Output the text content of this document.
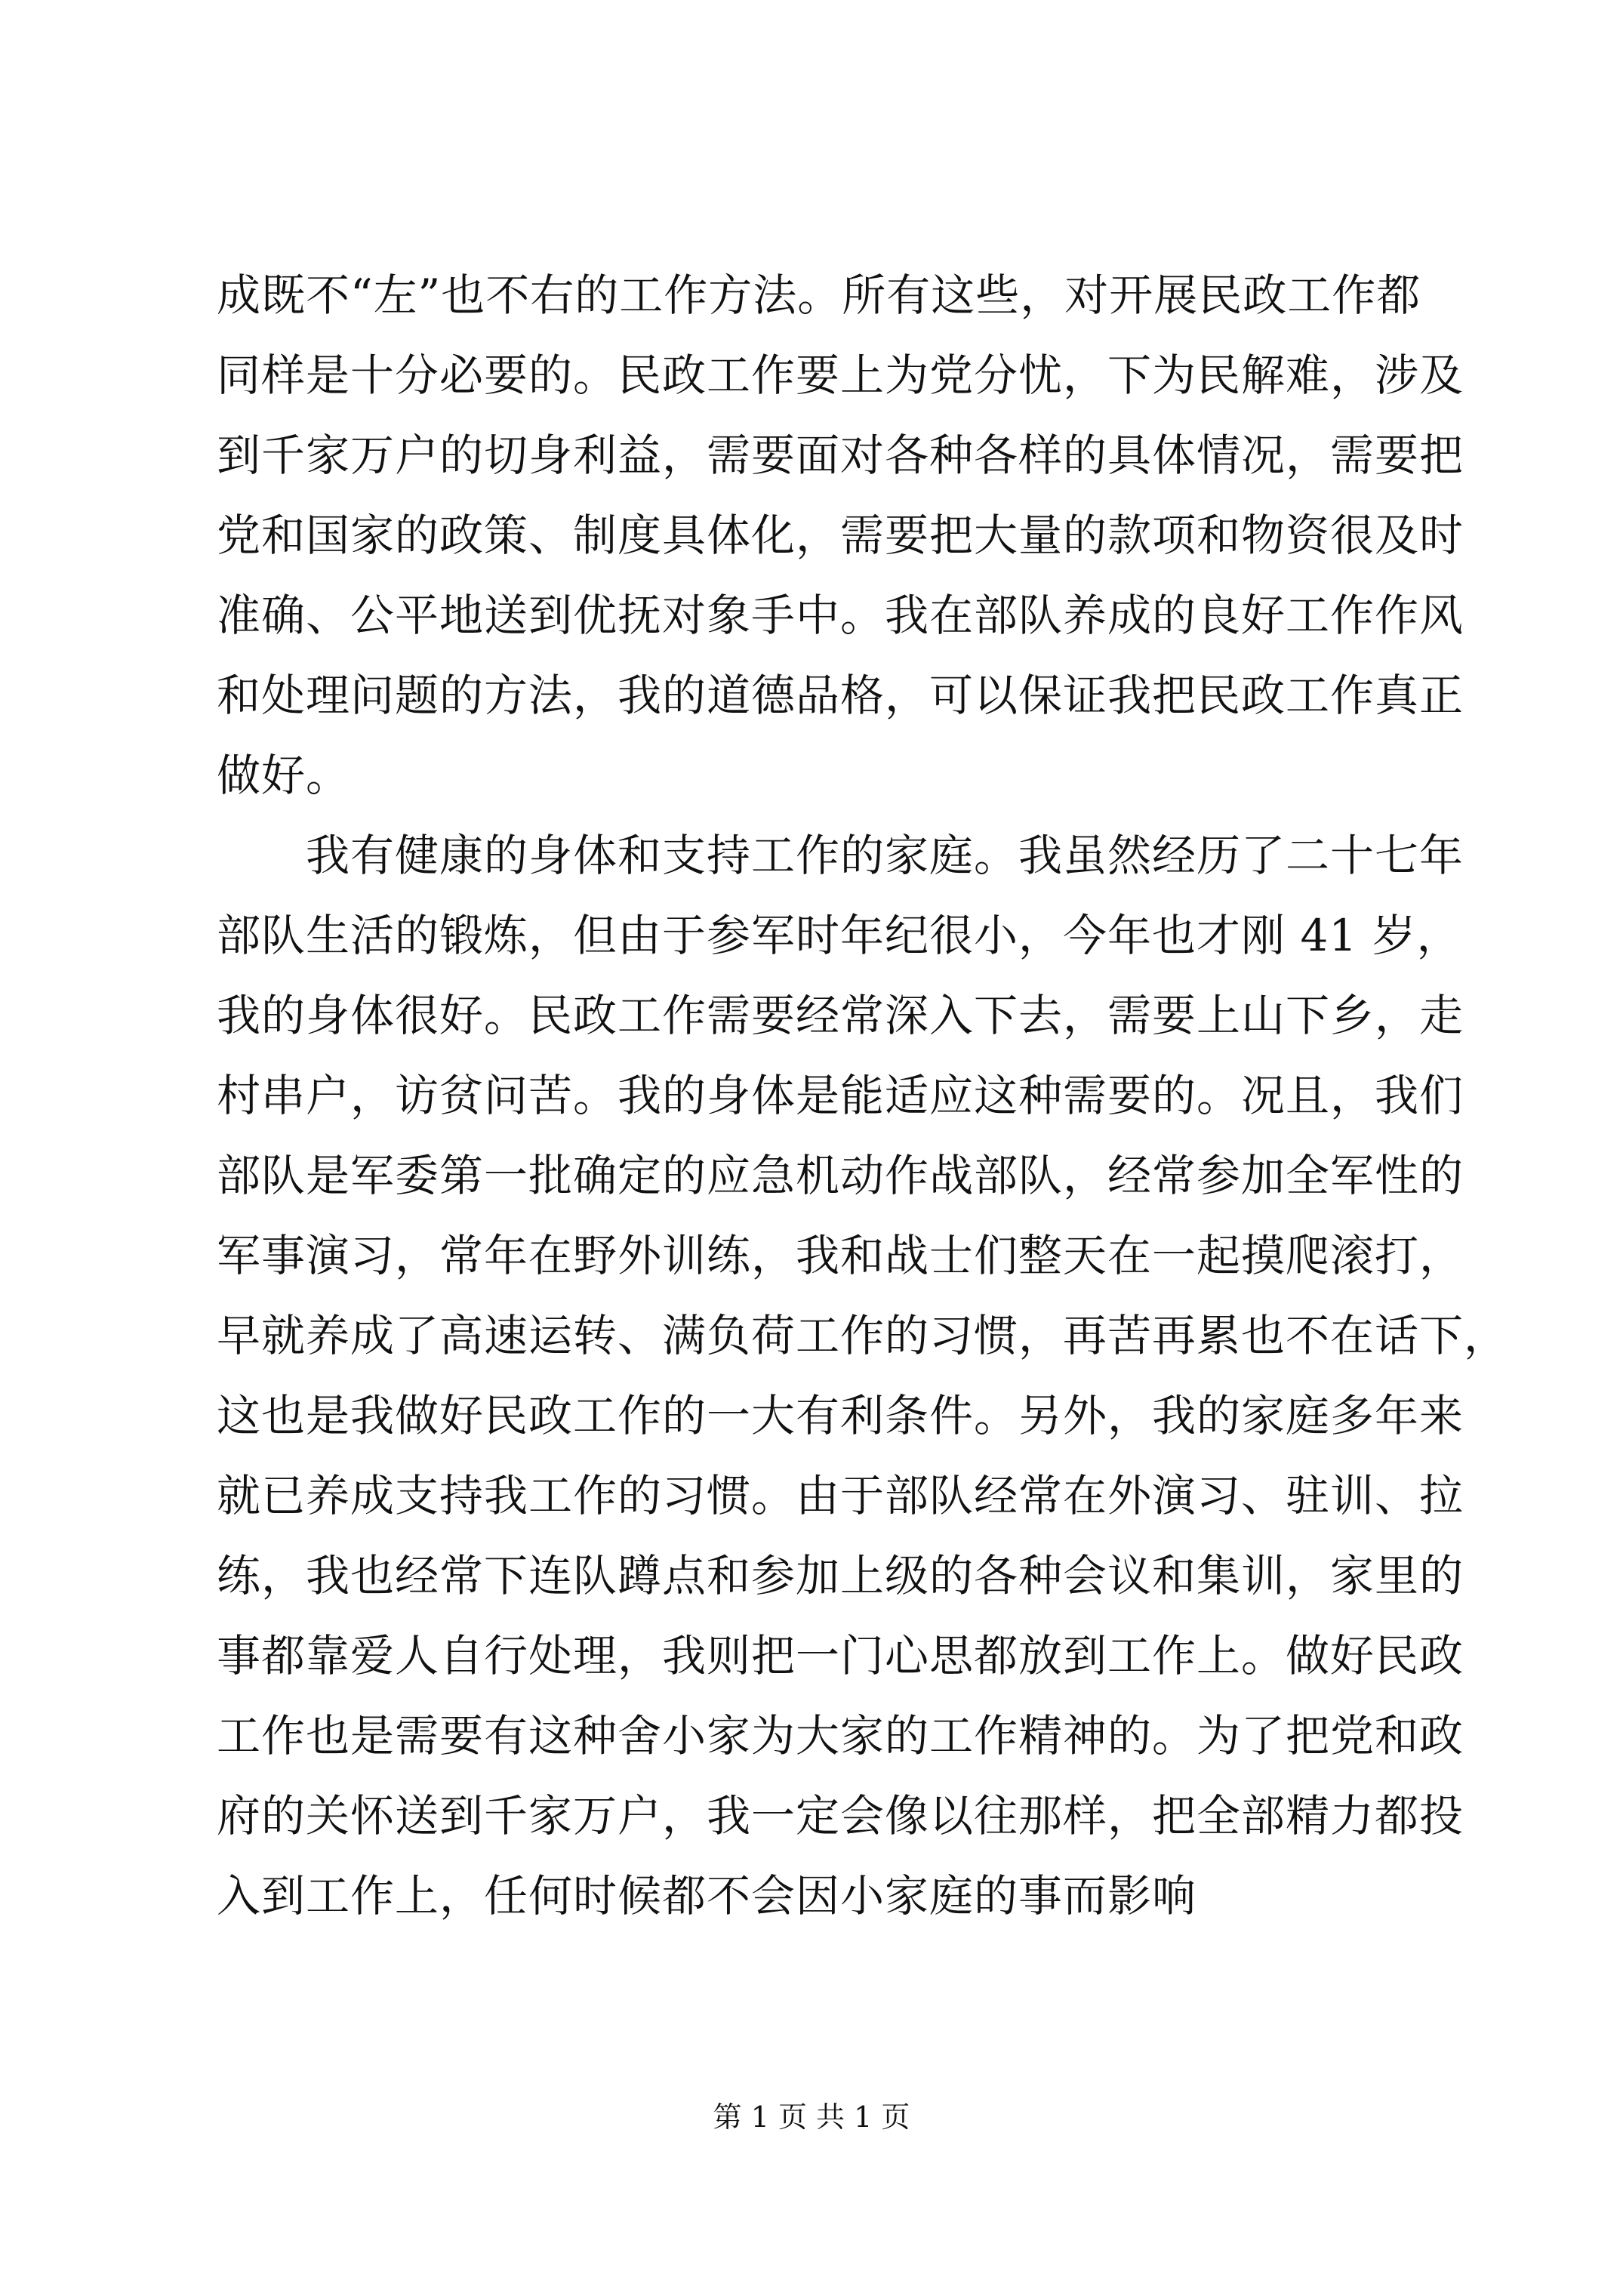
成既不“左”也不右的工作方法。所有这些，对开展民政工作都
同样是十分必要的。民政工作要上为党分忧，下为民解难，涉及
到千家万户的切身利益，需要面对各种各样的具体情况，需要把
党和国家的政策、制度具体化，需要把大量的款项和物资很及时
准确、公平地送到优抚对象手中。我在部队养成的良好工作作风
和处理问题的方法，我的道德品格，可以保证我把民政工作真正
做好。
我有健康的身体和支持工作的家庭。我虽然经历了二十七年
部队生活的锻炼，但由于参军时年纪很小，今年也才刚 41 岁，
我的身体很好。民政工作需要经常深入下去，需要上山下乡，走
村串户，访贫问苦。我的身体是能适应这种需要的。况且，我们
部队是军委第一批确定的应急机动作战部队，经常参加全军性的
军事演习，常年在野外训练，我和战士们整天在一起摸爬滚打，
早就养成了高速运转、满负荷工作的习惯，再苦再累也不在话下，
这也是我做好民政工作的一大有利条件。另外，我的家庭多年来
就已养成支持我工作的习惯。由于部队经常在外演习、驻训、拉
练，我也经常下连队蹲点和参加上级的各种会议和集训，家里的
事都靠爱人自行处理，我则把一门心思都放到工作上。做好民政
工作也是需要有这种舍小家为大家的工作精神的。为了把党和政
府的关怀送到千家万户，我一定会像以往那样，把全部精力都投
入到工作上，任何时候都不会因小家庭的事而影响
第 1 页 共 1 页
